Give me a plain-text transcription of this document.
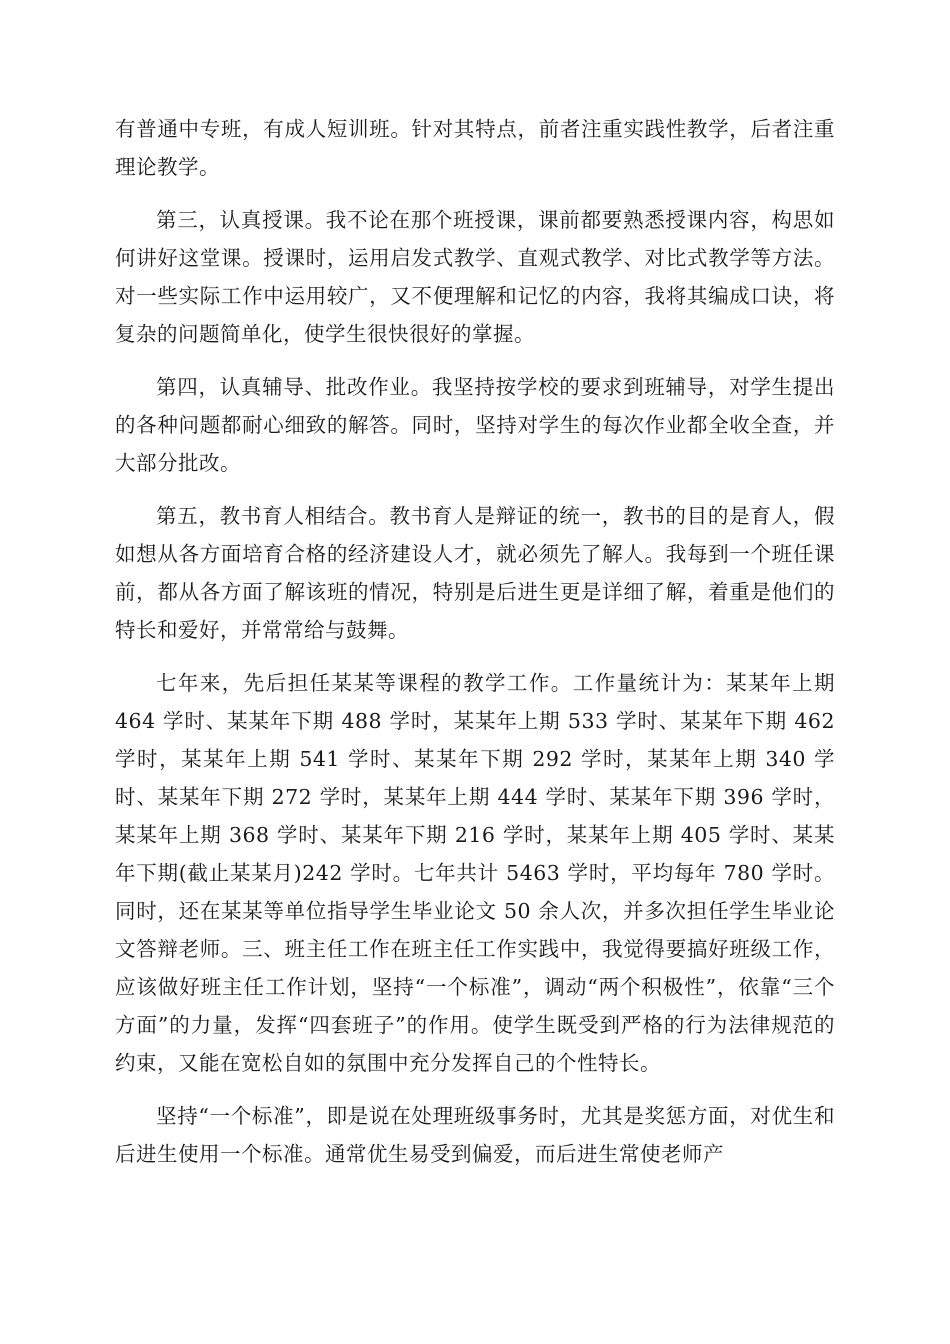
有普通中专班，有成人短训班。针对其特点，前者注重实践性教学，后者注重理论教学。

第三，认真授课。我不论在那个班授课，课前都要熟悉授课内容，构思如何讲好这堂课。授课时，运用启发式教学、直观式教学、对比式教学等方法。对一些实际工作中运用较广，又不便理解和记忆的内容，我将其编成口诀，将复杂的问题简单化，使学生很快很好的掌握。

第四，认真辅导、批改作业。我坚持按学校的要求到班辅导，对学生提出的各种问题都耐心细致的解答。同时，坚持对学生的每次作业都全收全查，并大部分批改。

第五，教书育人相结合。教书育人是辩证的统一，教书的目的是育人，假如想从各方面培育合格的经济建设人才，就必须先了解人。我每到一个班任课前，都从各方面了解该班的情况，特别是后进生更是详细了解，着重是他们的特长和爱好，并常常给与鼓舞。

七年来，先后担任某某等课程的教学工作。工作量统计为：某某年上期 464 学时、某某年下期 488 学时，某某年上期 533 学时、某某年下期 462 学时，某某年上期 541 学时、某某年下期 292 学时，某某年上期 340 学时、某某年下期 272 学时，某某年上期 444 学时、某某年下期 396 学时，某某年上期 368 学时、某某年下期 216 学时，某某年上期 405 学时、某某年下期(截止某某月)242 学时。七年共计 5463 学时，平均每年 780 学时。同时，还在某某等单位指导学生毕业论文 50 余人次，并多次担任学生毕业论文答辩老师。三、班主任工作在班主任工作实践中，我觉得要搞好班级工作，应该做好班主任工作计划，坚持“一个标准”，调动“两个积极性”，依靠“三个方面”的力量，发挥“四套班子”的作用。使学生既受到严格的行为法律规范的约束，又能在宽松自如的氛围中充分发挥自己的个性特长。

坚持“一个标准”，即是说在处理班级事务时，尤其是奖惩方面，对优生和后进生使用一个标准。通常优生易受到偏爱，而后进生常使老师产
